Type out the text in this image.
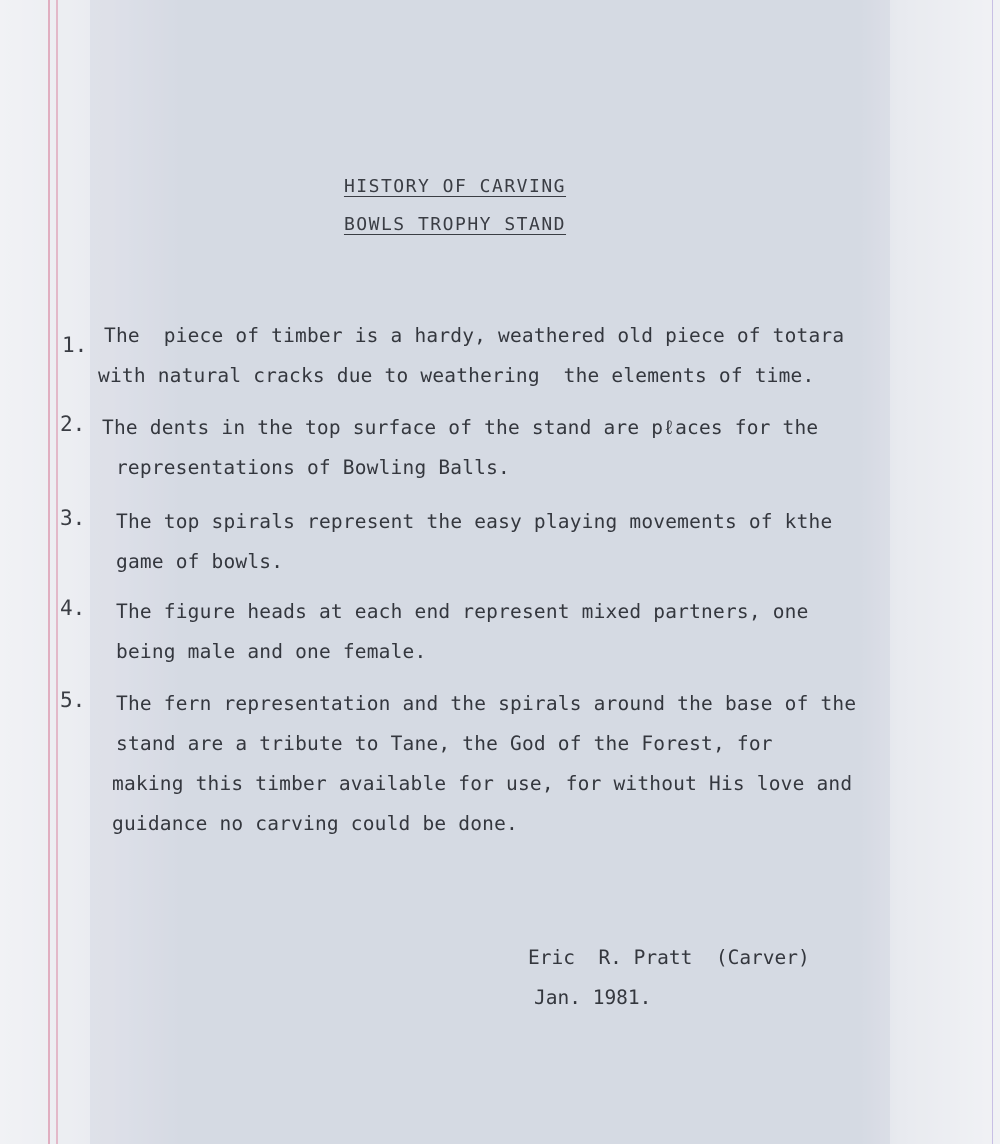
HISTORY OF CARVING
BOWLS TROPHY STAND
1. The  piece of timber is a hardy, weathered old piece of totara
with natural cracks due to weathering  the elements of time.
2. The dents in the top surface of the stand are pℓaces for the
representations of Bowling Balls.
3. The top spirals represent the easy playing movements of kthe
game of bowls.
4. The figure heads at each end represent mixed partners, one
being male and one female.
5. The fern representation and the spirals around the base of the
stand are a tribute to Tane, the God of the Forest, for
making this timber available for use, for without His love and
guidance no carving could be done.
Eric  R. Pratt  (Carver)
Jan. 1981.
